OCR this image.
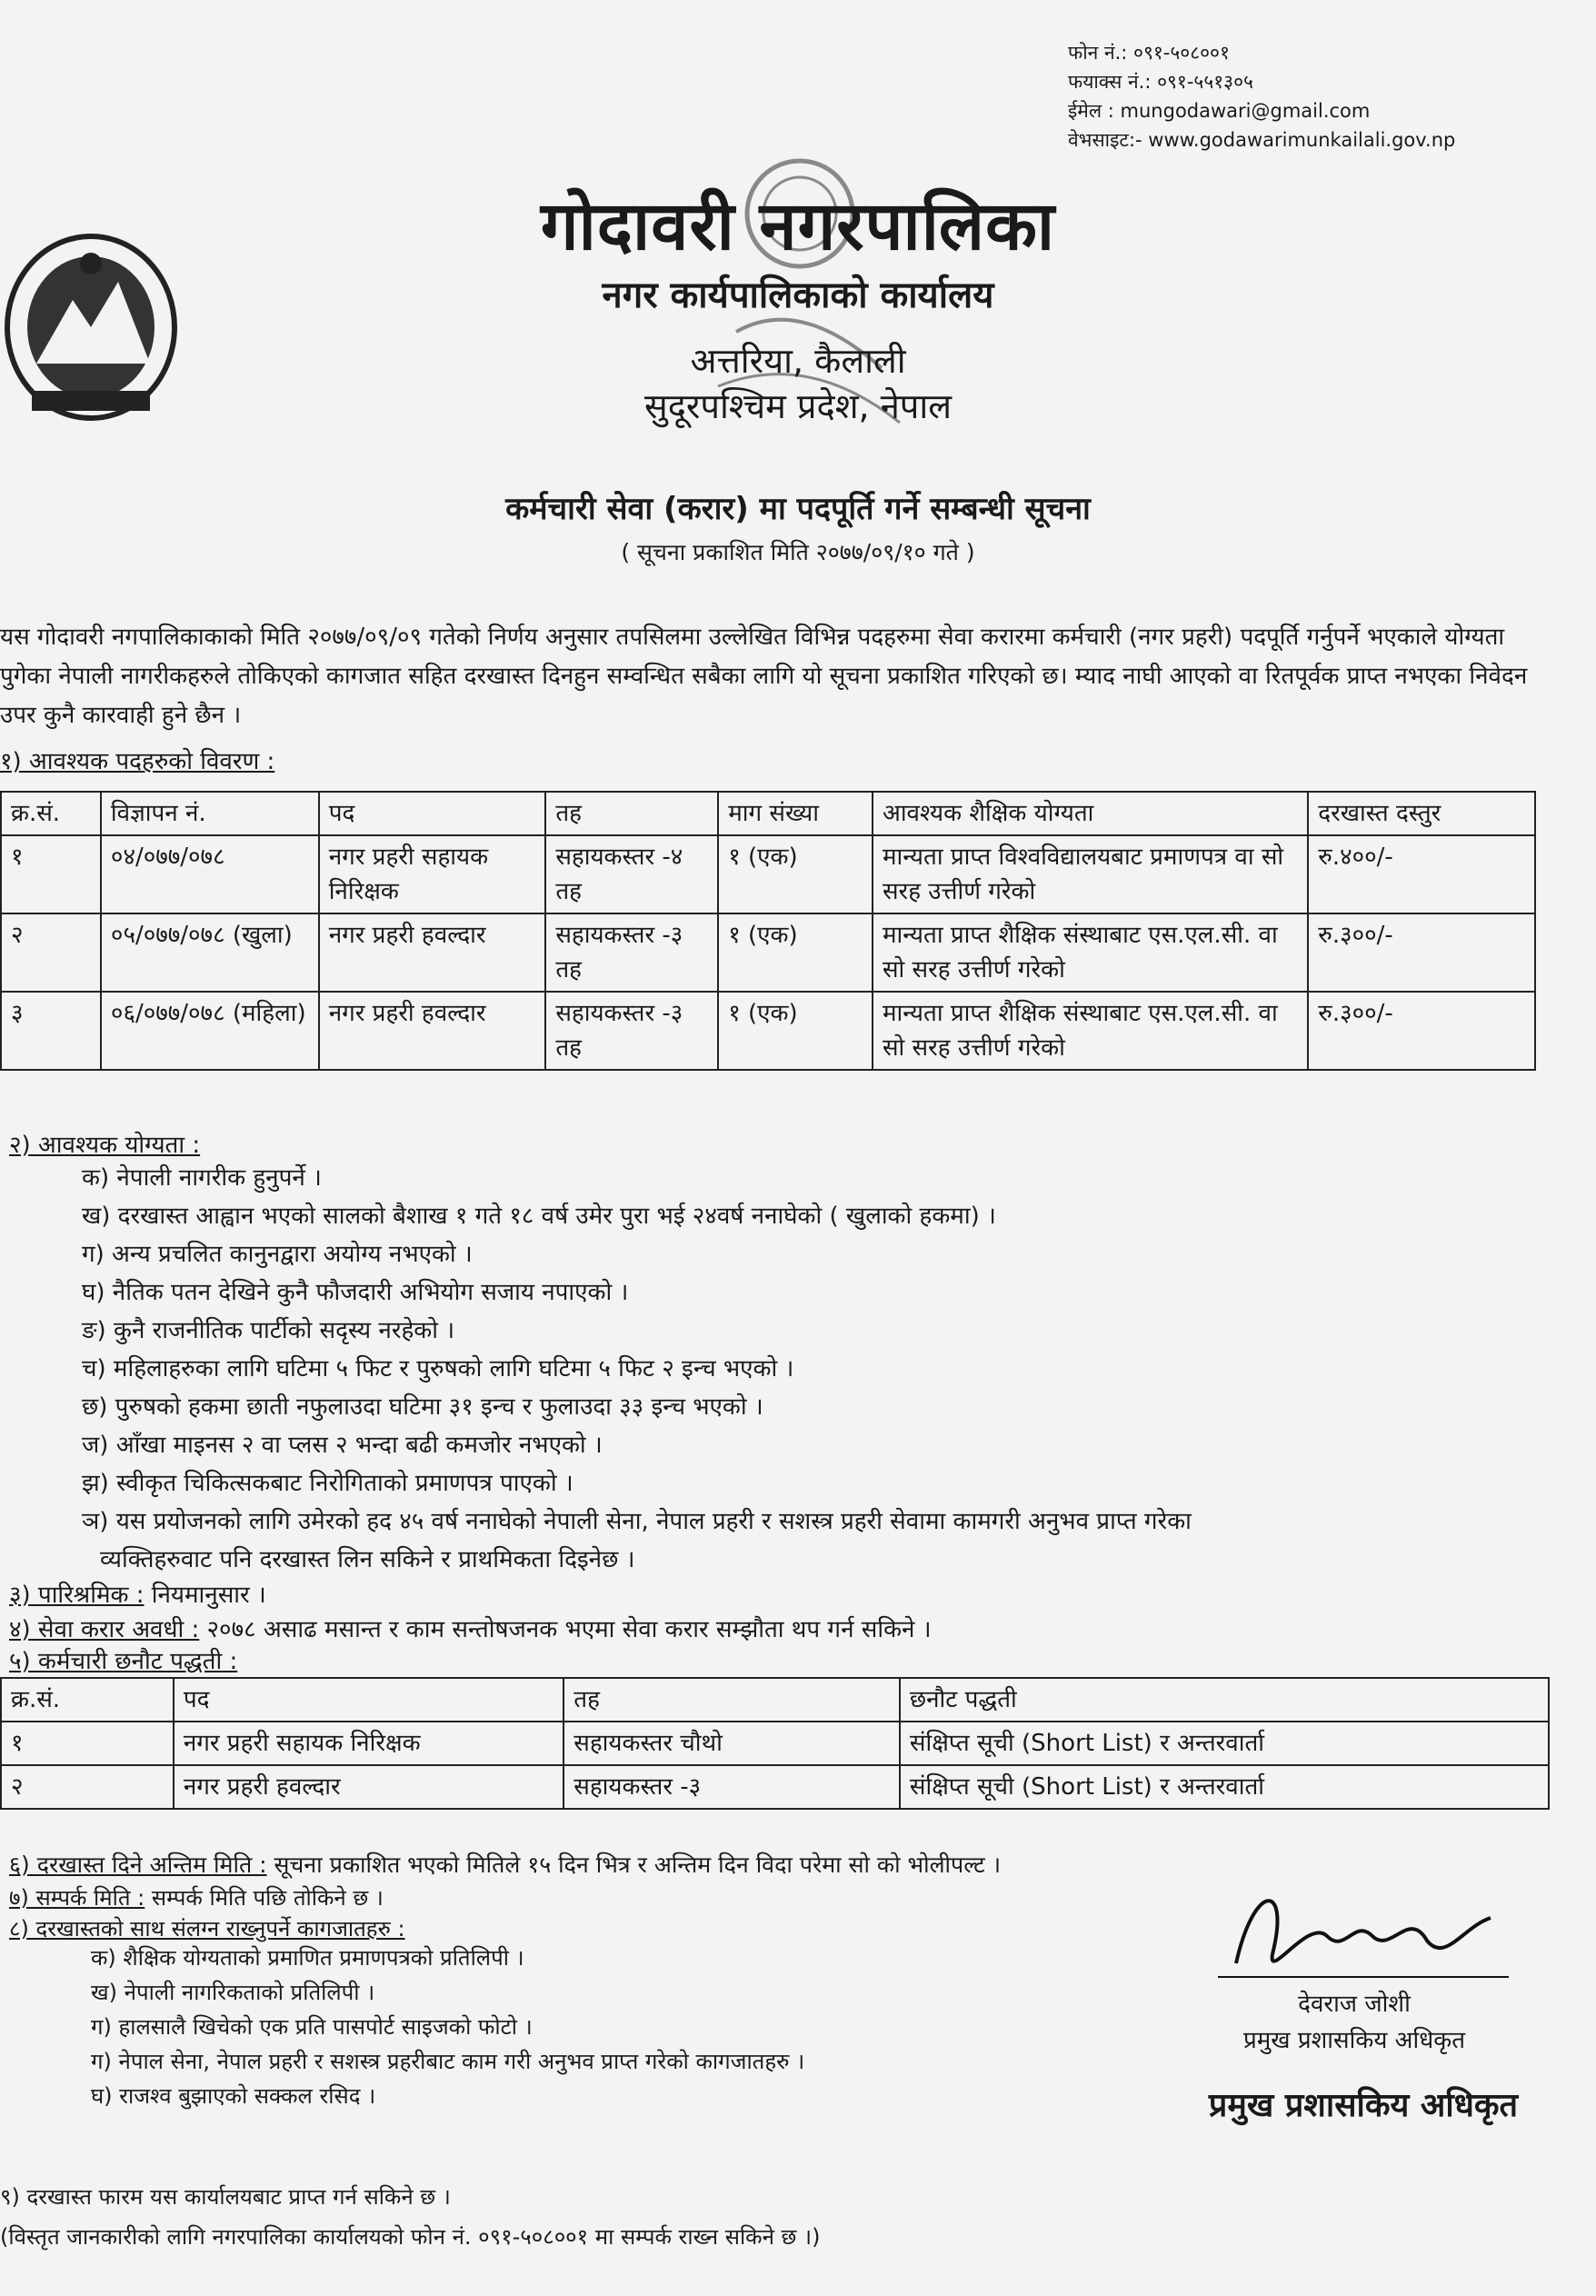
फोन नं.: ०९१-५०८००१
फयाक्स नं.: ०९१-५५१३०५
ईमेल : mungodawari@gmail.com
वेभसाइट:- www.godawarimunkailali.gov.np
गोदावरी नगरपालिका
नगर कार्यपालिकाको कार्यालय
अत्तरिया, कैलाली
सुदूरपश्चिम प्रदेश, नेपाल
कर्मचारी सेवा (करार) मा पदपूर्ति गर्ने सम्बन्धी सूचना
( सूचना प्रकाशित मिति २०७७/०९/१० गते )
यस गोदावरी नगपालिकाकाको मिति २०७७/०९/०९ गतेको निर्णय अनुसार तपसिलमा उल्लेखित विभिन्न पदहरुमा सेवा करारमा कर्मचारी (नगर प्रहरी) पदपूर्ति गर्नुपर्ने भएकाले योग्यता पुगेका नेपाली नागरीकहरुले तोकिएको कागजात सहित दरखास्त दिनहुन सम्वन्धित सबैका लागि यो सूचना प्रकाशित गरिएको छ। म्याद नाघी आएको वा रितपूर्वक प्राप्त नभएका निवेदन उपर कुनै कारवाही हुने छैन ।
१) आवश्यक पदहरुको विवरण :
क्र.सं.	विज्ञापन नं.	पद	तह	माग संख्या	आवश्यक शैक्षिक योग्यता	दरखास्त दस्तुर
१	०४/०७७/०७८	नगर प्रहरी सहायक निरिक्षक	सहायकस्तर -४ तह	१ (एक)	मान्यता प्राप्त विश्वविद्यालयबाट प्रमाणपत्र वा सो सरह उत्तीर्ण गरेको	रु.४००/-
२	०५/०७७/०७८ (खुला)	नगर प्रहरी हवल्दार	सहायकस्तर -३ तह	१ (एक)	मान्यता प्राप्त शैक्षिक संस्थाबाट एस.एल.सी. वा सो सरह उत्तीर्ण गरेको	रु.३००/-
३	०६/०७७/०७८ (महिला)	नगर प्रहरी हवल्दार	सहायकस्तर -३ तह	१ (एक)	मान्यता प्राप्त शैक्षिक संस्थाबाट एस.एल.सी. वा सो सरह उत्तीर्ण गरेको	रु.३००/-
२) आवश्यक योग्यता :
क) नेपाली नागरीक हुनुपर्ने ।
ख) दरखास्त आह्वान भएको सालको बैशाख १ गते १८ वर्ष उमेर पुरा भई २४वर्ष ननाघेको ( खुलाको हकमा) ।
ग) अन्य प्रचलित कानुनद्वारा अयोग्य नभएको ।
घ) नैतिक पतन देखिने कुनै फौजदारी अभियोग सजाय नपाएको ।
ङ) कुनै राजनीतिक पार्टीको सदृस्य नरहेको ।
च) महिलाहरुका लागि घटिमा ५ फिट र पुरुषको लागि घटिमा ५ फिट २ इन्च भएको ।
छ) पुरुषको हकमा छाती नफुलाउदा घटिमा ३१ इन्च र फुलाउदा ३३ इन्च भएको ।
ज) आँखा माइनस २ वा प्लस २ भन्दा बढी कमजोर नभएको ।
झ) स्वीकृत चिकित्सकबाट निरोगिताको प्रमाणपत्र पाएको ।
ञ) यस प्रयोजनको लागि उमेरको हद ४५ वर्ष ननाघेको नेपाली सेना, नेपाल प्रहरी र सशस्त्र प्रहरी सेवामा कामगरी अनुभव प्राप्त गरेका
व्यक्तिहरुवाट पनि दरखास्त लिन सकिने र प्राथमिकता दिइनेछ ।
३) पारिश्रमिक : नियमानुसार ।
४) सेवा करार अवधी : २०७८ असाढ मसान्त र काम सन्तोषजनक भएमा सेवा करार सम्झौता थप गर्न सकिने ।
५) कर्मचारी छनौट पद्धती :
क्र.सं.	पद	तह	छनौट पद्धती
१	नगर प्रहरी सहायक निरिक्षक	सहायकस्तर चौथो	संक्षिप्त सूची (Short List) र अन्तरवार्ता
२	नगर प्रहरी हवल्दार	सहायकस्तर -३	संक्षिप्त सूची (Short List) र अन्तरवार्ता
६) दरखास्त दिने अन्तिम मिति : सूचना प्रकाशित भएको मितिले १५ दिन भित्र र अन्तिम दिन विदा परेमा सो को भोलीपल्ट ।
७) सम्पर्क मिति : सम्पर्क मिति पछि तोकिने छ ।
८) दरखास्तको साथ संलग्न राख्नुपर्ने कागजातहरु :
क) शैक्षिक योग्यताको प्रमाणित प्रमाणपत्रको प्रतिलिपी ।
ख) नेपाली नागरिकताको प्रतिलिपी ।
ग) हालसालै खिचेको एक प्रति पासपोर्ट साइजको फोटो ।
ग) नेपाल सेना, नेपाल प्रहरी र सशस्त्र प्रहरीबाट काम गरी अनुभव प्राप्त गरेको कागजातहरु ।
घ) राजश्व बुझाएको सक्कल रसिद ।
देवराज जोशी
प्रमुख प्रशासकिय अधिकृत
प्रमुख प्रशासकिय अधिकृत
९) दरखास्त फारम यस कार्यालयबाट प्राप्त गर्न सकिने छ ।
(विस्तृत जानकारीको लागि नगरपालिका कार्यालयको फोन नं. ०९१-५०८००१ मा सम्पर्क राख्न सकिने छ ।)
